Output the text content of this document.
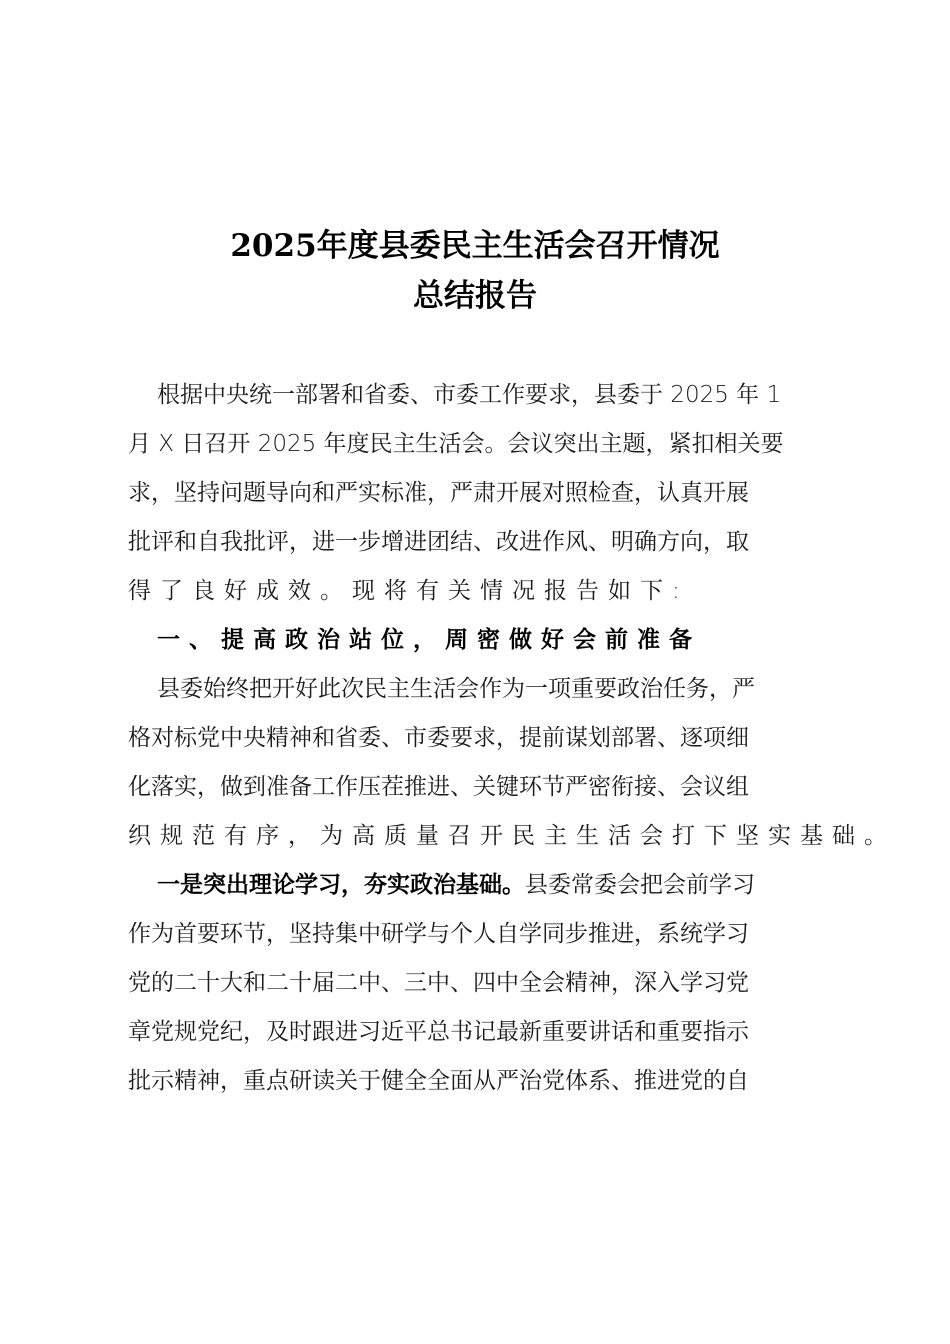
2025年度县委民主生活会召开情况
总结报告
根据中央统一部署和省委、市委工作要求，县委于 2025 年 1
月 X 日召开 2025 年度民主生活会。会议突出主题，紧扣相关要
求，坚持问题导向和严实标准，严肃开展对照检查，认真开展
批评和自我批评，进一步增进团结、改进作风、明确方向，取
得了良好成效。现将有关情况报告如下:
一、提高政治站位，周密做好会前准备
县委始终把开好此次民主生活会作为一项重要政治任务，严
格对标党中央精神和省委、市委要求，提前谋划部署、逐项细
化落实，做到准备工作压茬推进、关键环节严密衔接、会议组
织规范有序，为高质量召开民主生活会打下坚实基础。
一是突出理论学习，夯实政治基础。县委常委会把会前学习
作为首要环节，坚持集中研学与个人自学同步推进，系统学习
党的二十大和二十届二中、三中、四中全会精神，深入学习党
章党规党纪，及时跟进习近平总书记最新重要讲话和重要指示
批示精神，重点研读关于健全全面从严治党体系、推进党的自
